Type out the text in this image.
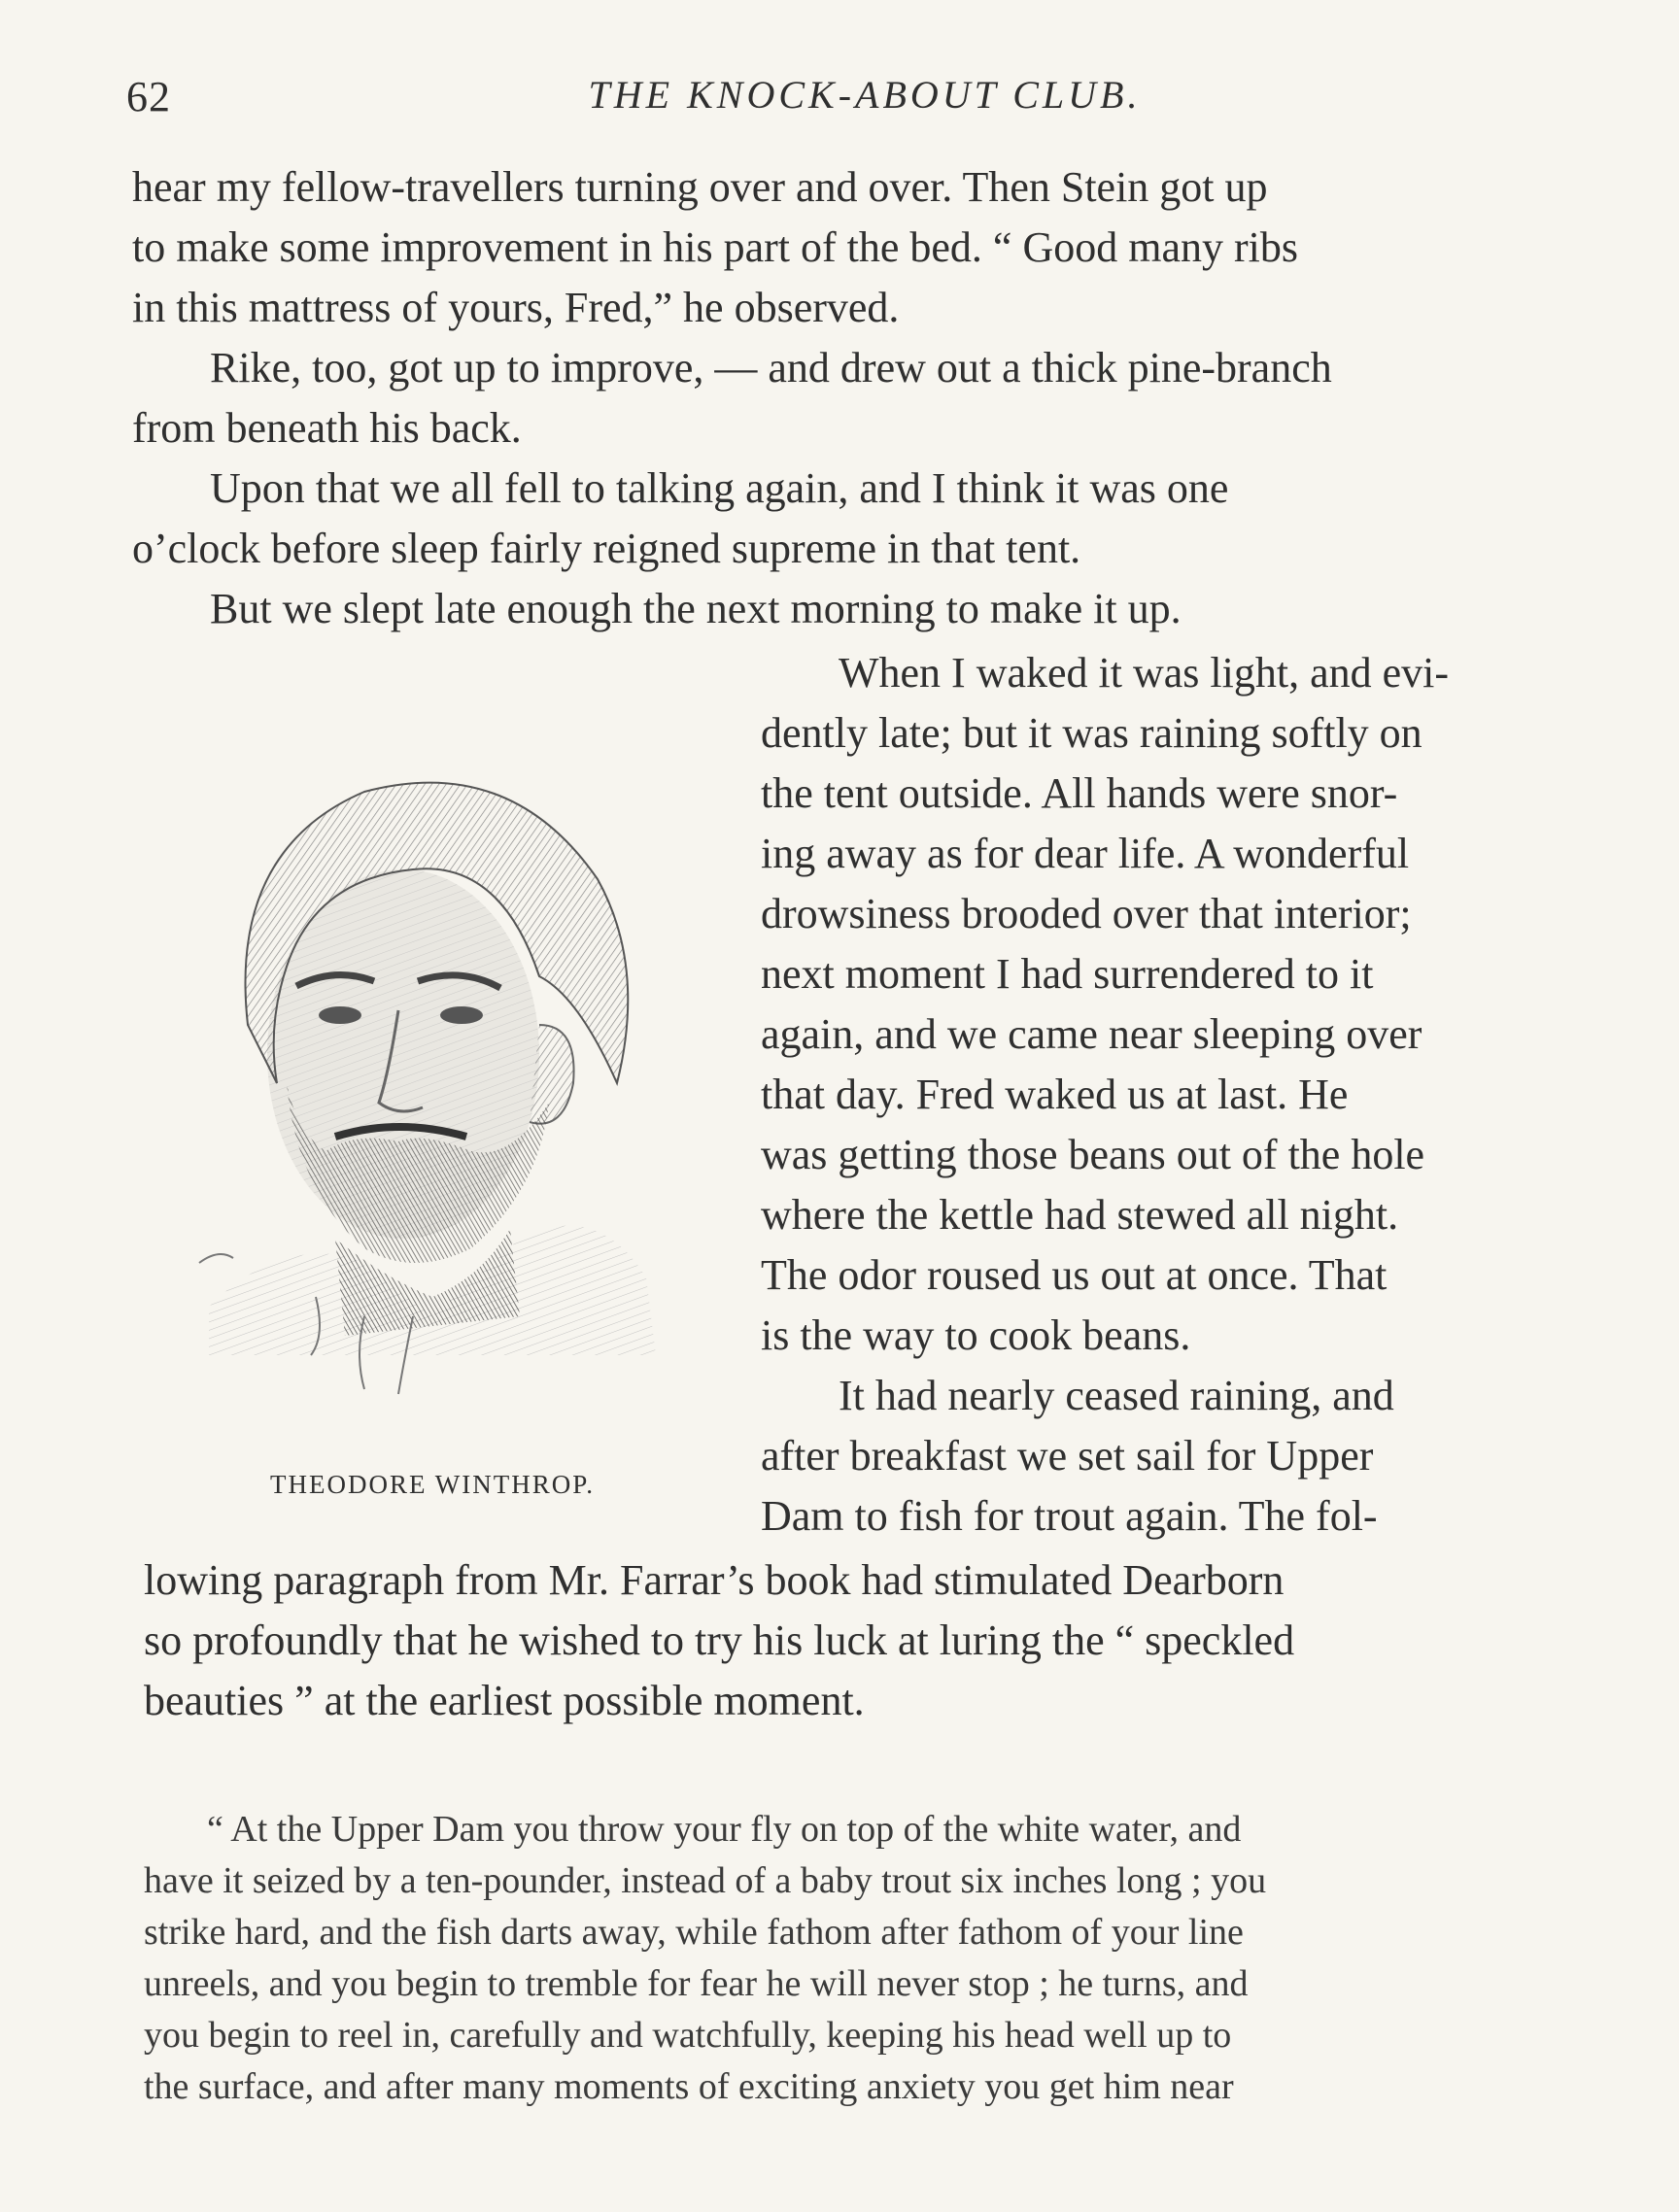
62	THE KNOCK-ABOUT CLUB.
hear my fellow-travellers turning over and over. Then Stein got up
to make some improvement in his part of the bed. “ Good many ribs
in this mattress of yours, Fred,” he observed.
Rike, too, got up to improve, — and drew out a thick pine-branch
from beneath his back.
Upon that we all fell to talking again, and I think it was one
o’clock before sleep fairly reigned supreme in that tent.
But we slept late enough the next morning to make it up.
THEODORE WINTHROP.
When I waked it was light, and evi-
dently late; but it was raining softly on
the tent outside. All hands were snor-
ing away as for dear life. A wonderful
drowsiness brooded over that interior;
next moment I had surrendered to it
again, and we came near sleeping over
that day. Fred waked us at last. He
was getting those beans out of the hole
where the kettle had stewed all night.
The odor roused us out at once. That
is the way to cook beans.
It had nearly ceased raining, and
after breakfast we set sail for Upper
Dam to fish for trout again. The fol-
lowing paragraph from Mr. Farrar’s book had stimulated Dearborn
so profoundly that he wished to try his luck at luring the “ speckled
beauties ” at the earliest possible moment.
“ At the Upper Dam you throw your fly on top of the white water, and
have it seized by a ten-pounder, instead of a baby trout six inches long ; you
strike hard, and the fish darts away, while fathom after fathom of your line
unreels, and you begin to tremble for fear he will never stop ; he turns, and
you begin to reel in, carefully and watchfully, keeping his head well up to
the surface, and after many moments of exciting anxiety you get him near
